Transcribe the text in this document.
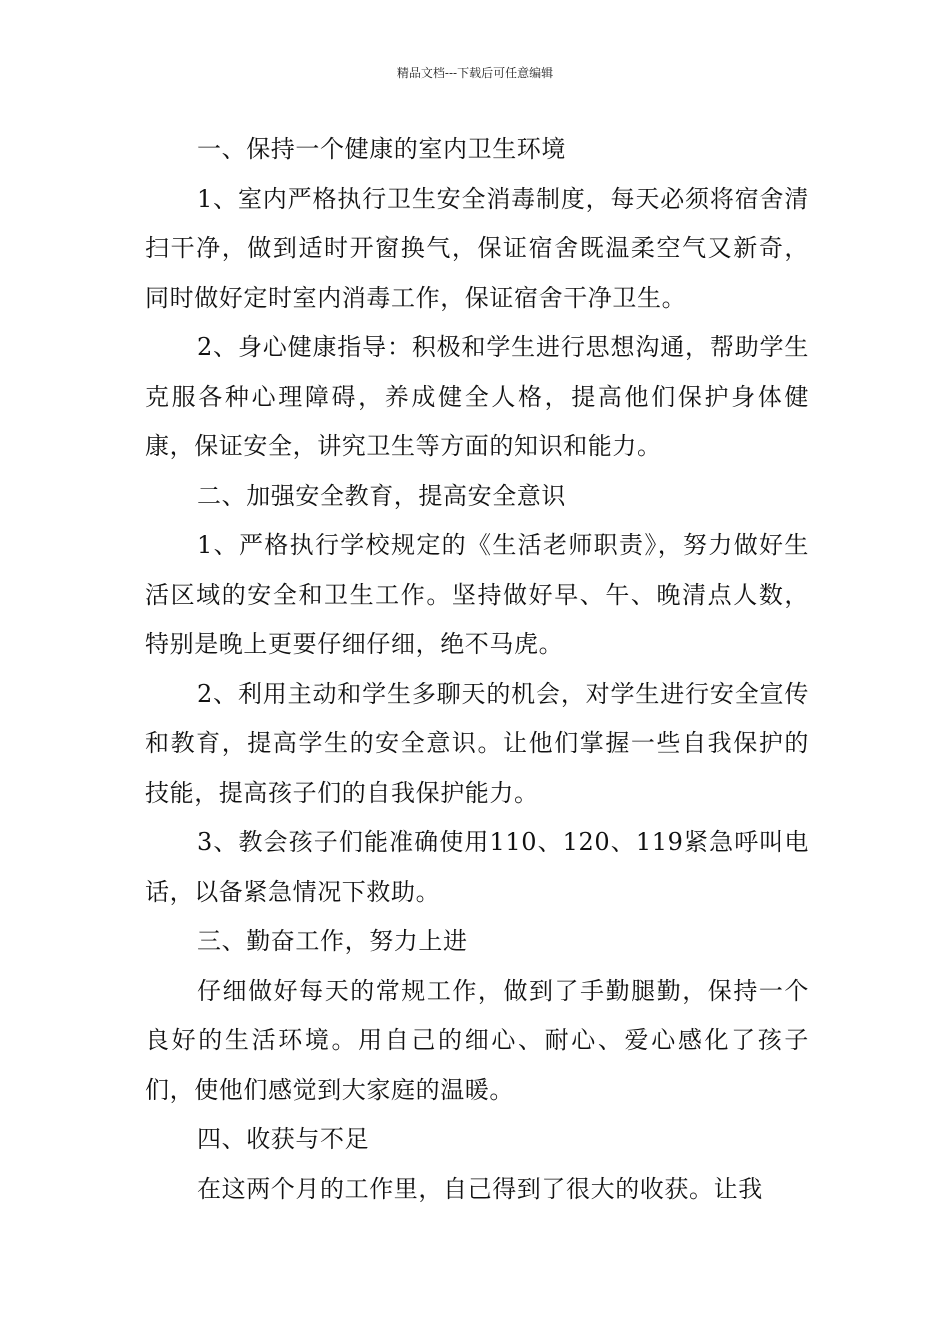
精品文档---下载后可任意编辑

一、保持一个健康的室内卫生环境

1、室内严格执行卫生安全消毒制度，每天必须将宿舍清扫干净，做到适时开窗换气，保证宿舍既温柔空气又新奇，同时做好定时室内消毒工作，保证宿舍干净卫生。

2、身心健康指导：积极和学生进行思想沟通，帮助学生克服各种心理障碍，养成健全人格，提高他们保护身体健康，保证安全，讲究卫生等方面的知识和能力。

二、加强安全教育，提高安全意识

1、严格执行学校规定的《生活老师职责》，努力做好生活区域的安全和卫生工作。坚持做好早、午、晚清点人数，特别是晚上更要仔细仔细，绝不马虎。

2、利用主动和学生多聊天的机会，对学生进行安全宣传和教育，提高学生的安全意识。让他们掌握一些自我保护的技能，提高孩子们的自我保护能力。

3、教会孩子们能准确使用110、120、119紧急呼叫电话，以备紧急情况下救助。

三、勤奋工作，努力上进

仔细做好每天的常规工作，做到了手勤腿勤，保持一个良好的生活环境。用自己的细心、耐心、爱心感化了孩子们，使他们感觉到大家庭的温暖。

四、收获与不足

在这两个月的工作里，自己得到了很大的收获。让我
